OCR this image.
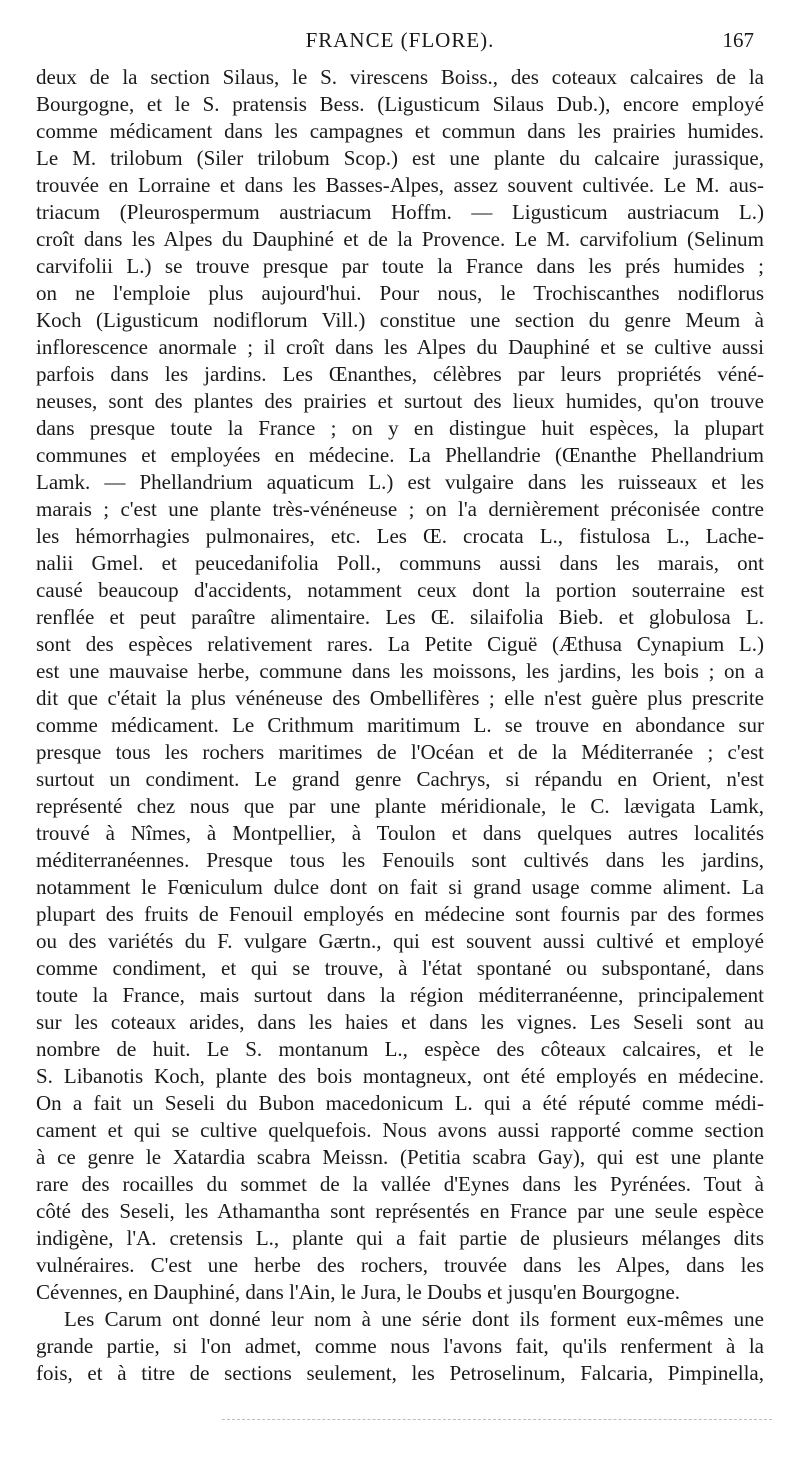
FRANCE (FLORE).	167
deux de la section Silaus, le S. virescens Boiss., des coteaux calcaires de la
Bourgogne, et le S. pratensis Bess. (Ligusticum Silaus Dub.), encore employé
comme médicament dans les campagnes et commun dans les prairies humides.
Le M. trilobum (Siler trilobum Scop.) est une plante du calcaire jurassique,
trouvée en Lorraine et dans les Basses-Alpes, assez souvent cultivée. Le M. aus-
triacum (Pleurospermum austriacum Hoffm. — Ligusticum austriacum L.)
croît dans les Alpes du Dauphiné et de la Provence. Le M. carvifolium (Selinum
carvifolii L.) se trouve presque par toute la France dans les prés humides ;
on ne l'emploie plus aujourd'hui. Pour nous, le Trochiscanthes nodiflorus
Koch (Ligusticum nodiflorum Vill.) constitue une section du genre Meum à
inflorescence anormale ; il croît dans les Alpes du Dauphiné et se cultive aussi
parfois dans les jardins. Les Œnanthes, célèbres par leurs propriétés véné-
neuses, sont des plantes des prairies et surtout des lieux humides, qu'on trouve
dans presque toute la France ; on y en distingue huit espèces, la plupart
communes et employées en médecine. La Phellandrie (Œnanthe Phellandrium
Lamk. — Phellandrium aquaticum L.) est vulgaire dans les ruisseaux et les
marais ; c'est une plante très-vénéneuse ; on l'a dernièrement préconisée contre
les hémorrhagies pulmonaires, etc. Les Œ. crocata L., fistulosa L., Lache-
nalii Gmel. et peucedanifolia Poll., communs aussi dans les marais, ont
causé beaucoup d'accidents, notamment ceux dont la portion souterraine est
renflée et peut paraître alimentaire. Les Œ. silaifolia Bieb. et globulosa L.
sont des espèces relativement rares. La Petite Ciguë (Æthusa Cynapium L.)
est une mauvaise herbe, commune dans les moissons, les jardins, les bois ; on a
dit que c'était la plus vénéneuse des Ombellifères ; elle n'est guère plus prescrite
comme médicament. Le Crithmum maritimum L. se trouve en abondance sur
presque tous les rochers maritimes de l'Océan et de la Méditerranée ; c'est
surtout un condiment. Le grand genre Cachrys, si répandu en Orient, n'est
représenté chez nous que par une plante méridionale, le C. lævigata Lamk,
trouvé à Nîmes, à Montpellier, à Toulon et dans quelques autres localités
méditerranéennes. Presque tous les Fenouils sont cultivés dans les jardins,
notamment le Fœniculum dulce dont on fait si grand usage comme aliment. La
plupart des fruits de Fenouil employés en médecine sont fournis par des formes
ou des variétés du F. vulgare Gærtn., qui est souvent aussi cultivé et employé
comme condiment, et qui se trouve, à l'état spontané ou subspontané, dans
toute la France, mais surtout dans la région méditerranéenne, principalement
sur les coteaux arides, dans les haies et dans les vignes. Les Seseli sont au
nombre de huit. Le S. montanum L., espèce des côteaux calcaires, et le
S. Libanotis Koch, plante des bois montagneux, ont été employés en médecine.
On a fait un Seseli du Bubon macedonicum L. qui a été réputé comme médi-
cament et qui se cultive quelquefois. Nous avons aussi rapporté comme section
à ce genre le Xatardia scabra Meissn. (Petitia scabra Gay), qui est une plante
rare des rocailles du sommet de la vallée d'Eynes dans les Pyrénées. Tout à
côté des Seseli, les Athamantha sont représentés en France par une seule espèce
indigène, l'A. cretensis L., plante qui a fait partie de plusieurs mélanges dits
vulnéraires. C'est une herbe des rochers, trouvée dans les Alpes, dans les
Cévennes, en Dauphiné, dans l'Ain, le Jura, le Doubs et jusqu'en Bourgogne.
Les Carum ont donné leur nom à une série dont ils forment eux-mêmes une
grande partie, si l'on admet, comme nous l'avons fait, qu'ils renferment à la
fois, et à titre de sections seulement, les Petroselinum, Falcaria, Pimpinella,
